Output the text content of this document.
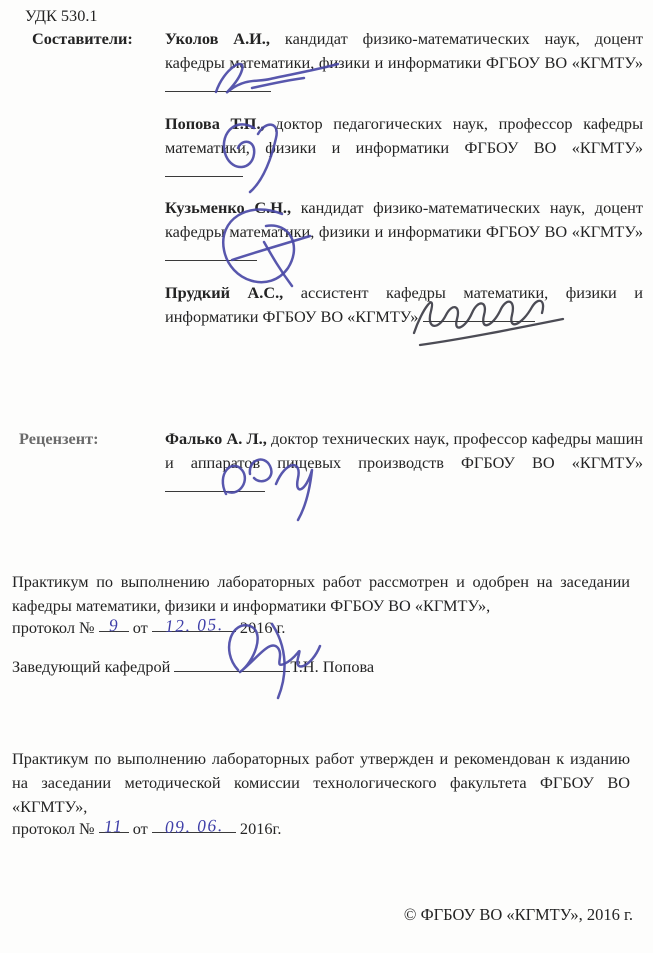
УДК 530.1

Составители: Уколов А.И., кандидат физико-математических наук, доцент кафедры математики, физики и информатики ФГБОУ ВО «КГМТУ»

Попова Т.П., доктор педагогических наук, профессор кафедры математики, физики и информатики ФГБОУ ВО «КГМТУ»

Кузьменко С.Н., кандидат физико-математических наук, доцент кафедры математики, физики и информатики ФГБОУ ВО «КГМТУ»

Прудкий А.С., ассистент кафедры математики, физики и информатики ФГБОУ ВО «КГМТУ»

Рецензент:	Фалько А. Л., доктор технических наук, профессор кафедры машин и аппаратов пищевых производств ФГБОУ ВО «КГМТУ»

Практикум по выполнению лабораторных работ рассмотрен и одобрен на заседании кафедры математики, физики и информатики ФГБОУ ВО «КГМТУ»,

протокол № 9 от 12. 05. 2016 г.

Заведующий кафедрой	Т.Н. Попова

Практикум по выполнению лабораторных работ утвержден и рекомендован к изданию на заседании методической комиссии технологического факультета ФГБОУ ВО «КГМТУ»,

протокол № 11 от 09. 06. 2016г.

© ФГБОУ ВО «КГМТУ», 2016 г.
